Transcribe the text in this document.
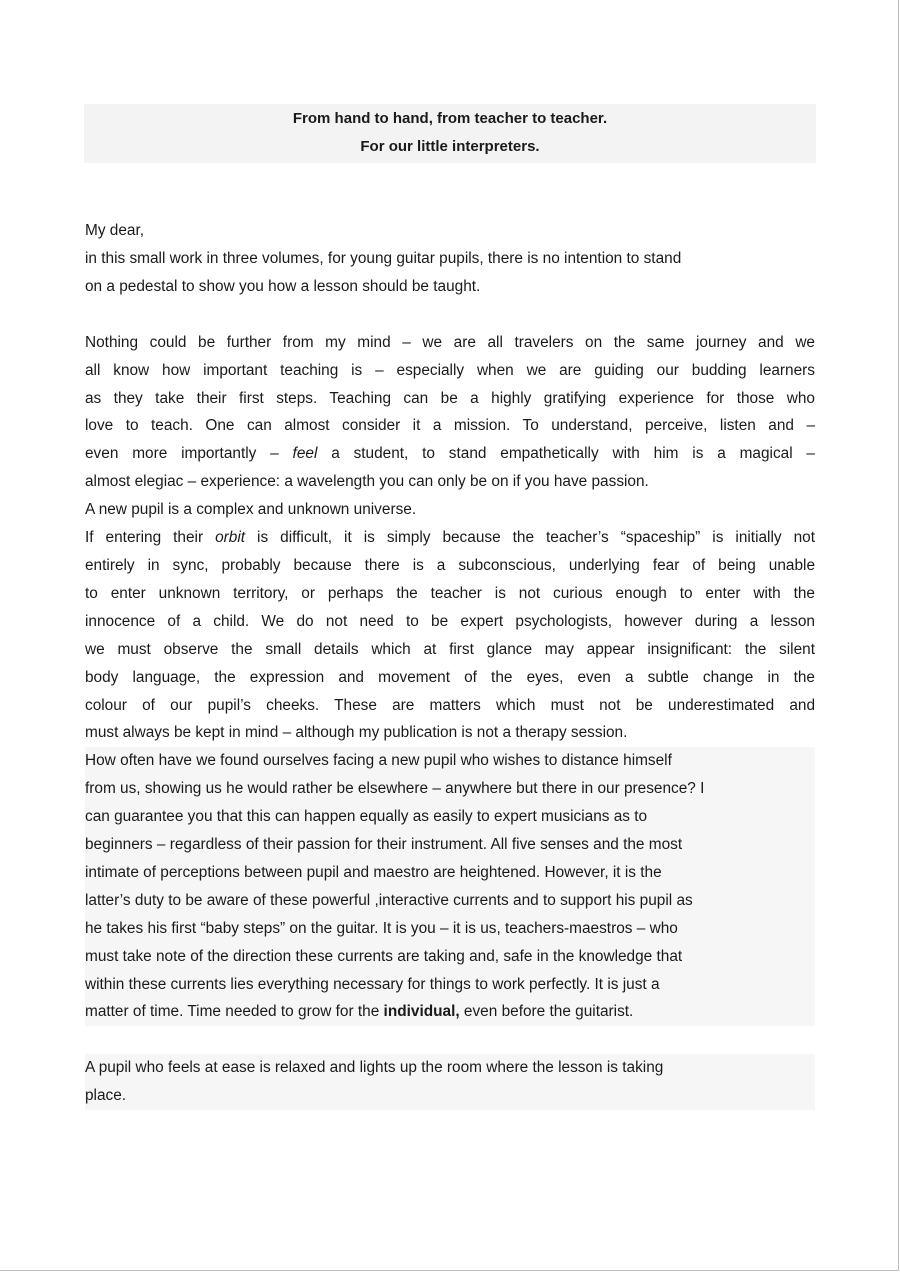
From hand to hand, from teacher to teacher.
For our little interpreters.
My dear,
in this small work in three volumes, for young guitar pupils, there is no intention to stand
on a pedestal to show you how a lesson should be taught.
Nothing could be further from my mind – we are all travelers on the same journey and we
all know how important teaching is – especially when we are guiding our budding learners
as they take their first steps. Teaching can be a highly gratifying experience for those who
love to teach. One can almost consider it a mission. To understand, perceive, listen and –
even more importantly – feel a student, to stand empathetically with him is a magical –
almost elegiac – experience: a wavelength you can only be on if you have passion.
A new pupil is a complex and unknown universe.
If entering their orbit is difficult, it is simply because the teacher’s “spaceship” is initially not
entirely in sync, probably because there is a subconscious, underlying fear of being unable
to enter unknown territory, or perhaps the teacher is not curious enough to enter with the
innocence of a child. We do not need to be expert psychologists, however during a lesson
we must observe the small details which at first glance may appear insignificant: the silent
body language, the expression and movement of the eyes, even a subtle change in the
colour of our pupil’s cheeks. These are matters which must not be underestimated and
must always be kept in mind – although my publication is not a therapy session.
How often have we found ourselves facing a new pupil who wishes to distance himself
from us, showing us he would rather be elsewhere – anywhere but there in our presence? I
can guarantee you that this can happen equally as easily to expert musicians as to
beginners – regardless of their passion for their instrument. All five senses and the most
intimate of perceptions between pupil and maestro are heightened. However, it is the
latter’s duty to be aware of these powerful ,interactive currents and to support his pupil as
he takes his first “baby steps” on the guitar. It is you – it is us, teachers-maestros – who
must take note of the direction these currents are taking and, safe in the knowledge that
within these currents lies everything necessary for things to work perfectly. It is just a
matter of time. Time needed to grow for the individual, even before the guitarist.
A pupil who feels at ease is relaxed and lights up the room where the lesson is taking
place.
